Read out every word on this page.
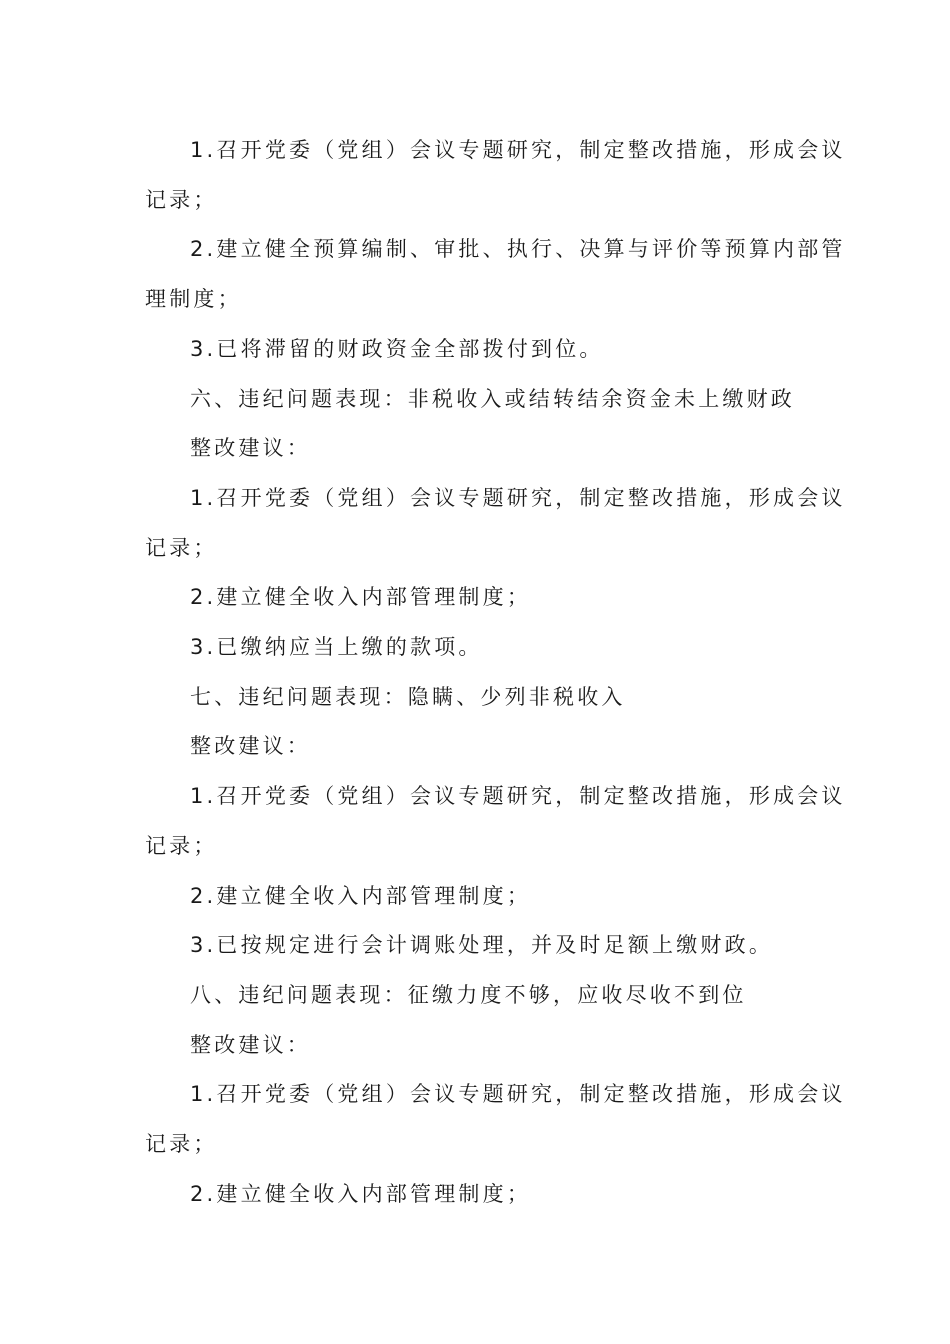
1.召开党委（党组）会议专题研究，制定整改措施，形成会议

记录；

2.建立健全预算编制、审批、执行、决算与评价等预算内部管

理制度；

3.已将滞留的财政资金全部拨付到位。

六、违纪问题表现：非税收入或结转结余资金未上缴财政

整改建议：

1.召开党委（党组）会议专题研究，制定整改措施，形成会议

记录；

2.建立健全收入内部管理制度；

3.已缴纳应当上缴的款项。

七、违纪问题表现：隐瞒、少列非税收入

整改建议：

1.召开党委（党组）会议专题研究，制定整改措施，形成会议

记录；

2.建立健全收入内部管理制度；

3.已按规定进行会计调账处理，并及时足额上缴财政。

八、违纪问题表现：征缴力度不够，应收尽收不到位

整改建议：

1.召开党委（党组）会议专题研究，制定整改措施，形成会议

记录；

2.建立健全收入内部管理制度；
